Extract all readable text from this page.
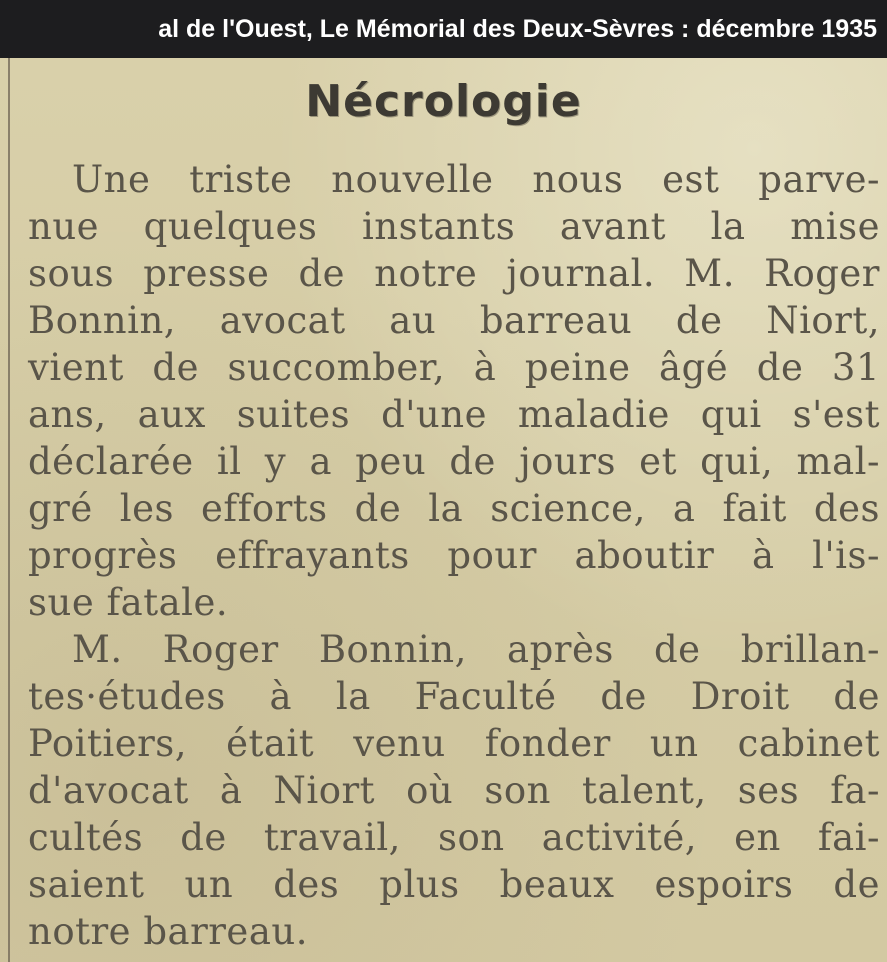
al de l'Ouest, Le Mémorial des Deux-Sèvres : décembre 1935
Nécrologie
Une triste nouvelle nous est parve-
nue quelques instants avant la mise
sous presse de notre journal. M. Roger
Bonnin, avocat au barreau de Niort,
vient de succomber, à peine âgé de 31
ans, aux suites d'une maladie qui s'est
déclarée il y a peu de jours et qui, mal-
gré les efforts de la science, a fait des
progrès effrayants pour aboutir à l'is-
sue fatale.
M. Roger Bonnin, après de brillan-
tes·études à la Faculté de Droit de
Poitiers, était venu fonder un cabinet
d'avocat à Niort où son talent, ses fa-
cultés de travail, son activité, en fai-
saient un des plus beaux espoirs de
notre barreau.
